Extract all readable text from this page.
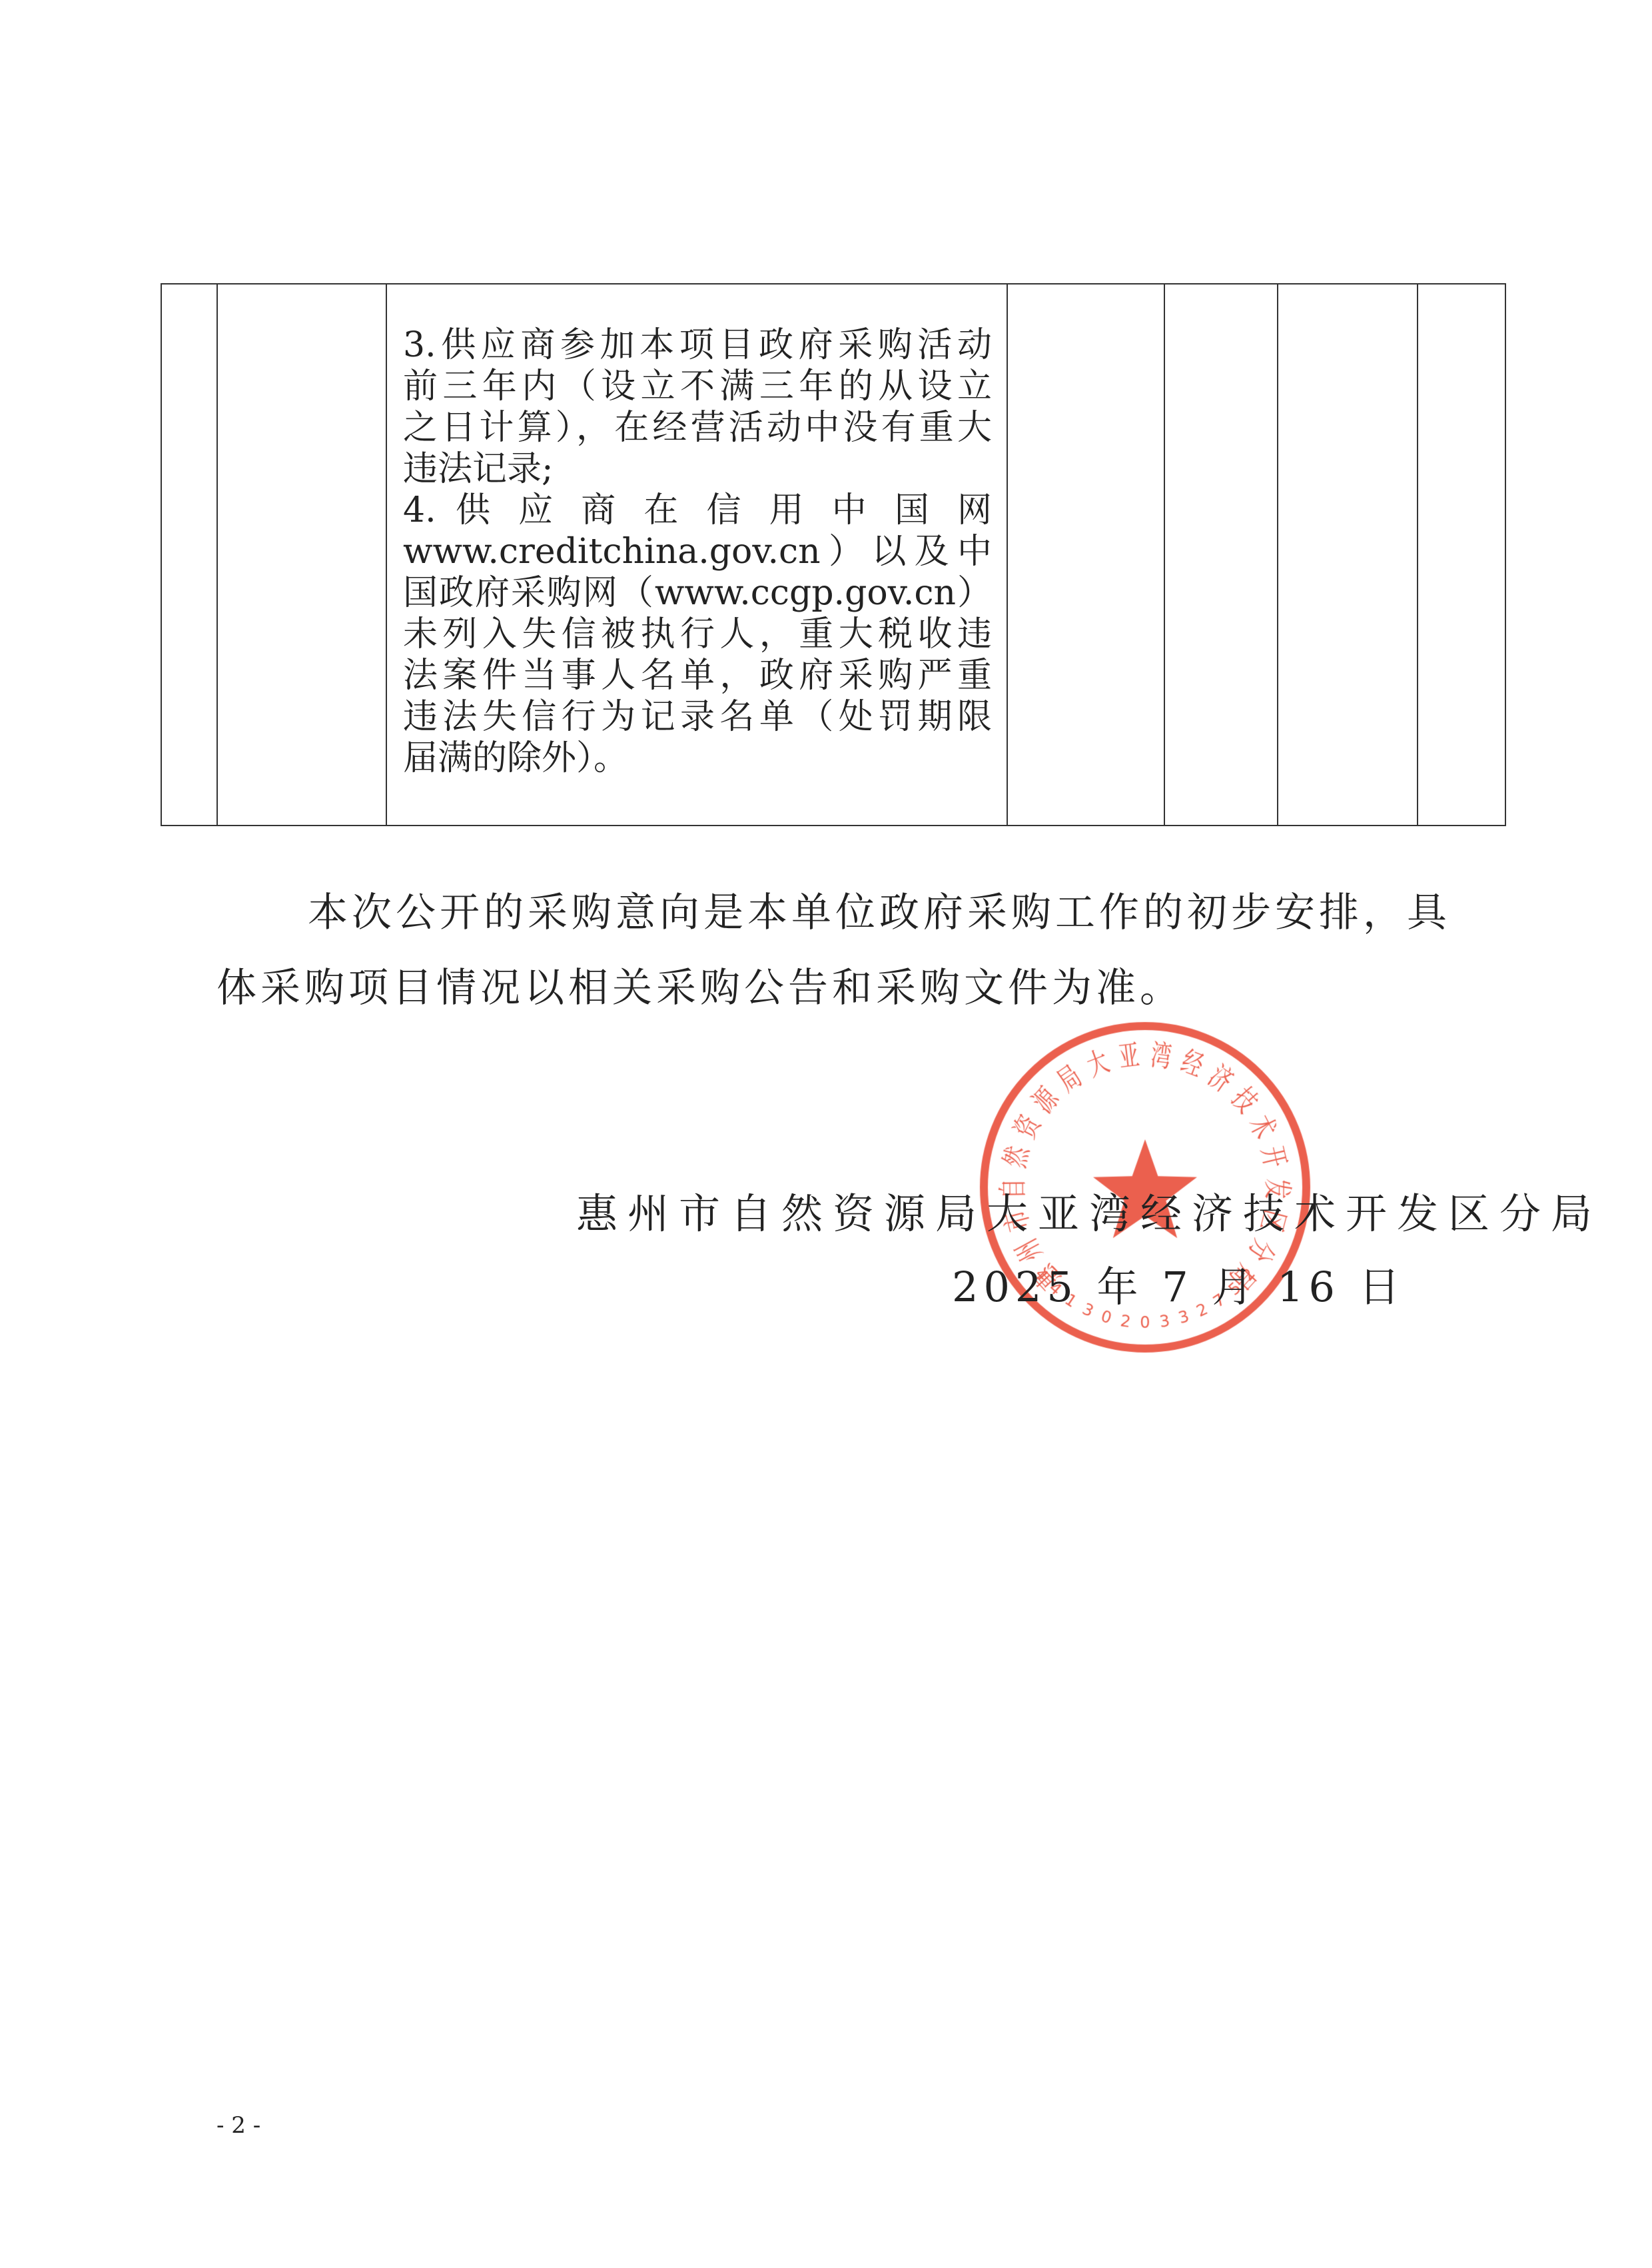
3.供应商参加本项目政府采购活动
前三年内（设立不满三年的从设立
之日计算），在经营活动中没有重大
违法记录;
4. 供 应 商 在 信 用 中 国 网
www.creditchina.gov.cn）以及中
国政府采购网（www.ccgp.gov.cn）
未列入失信被执行人，重大税收违
法案件当事人名单，政府采购严重
违法失信行为记录名单（处罚期限
届满的除外）。
本次公开的采购意向是本单位政府采购工作的初步安排，具
体采购项目情况以相关采购公告和采购文件为准。
惠州市自然资源局大亚湾经济技术开发区分局
2025 年 7 月 16 日
- 2 -
